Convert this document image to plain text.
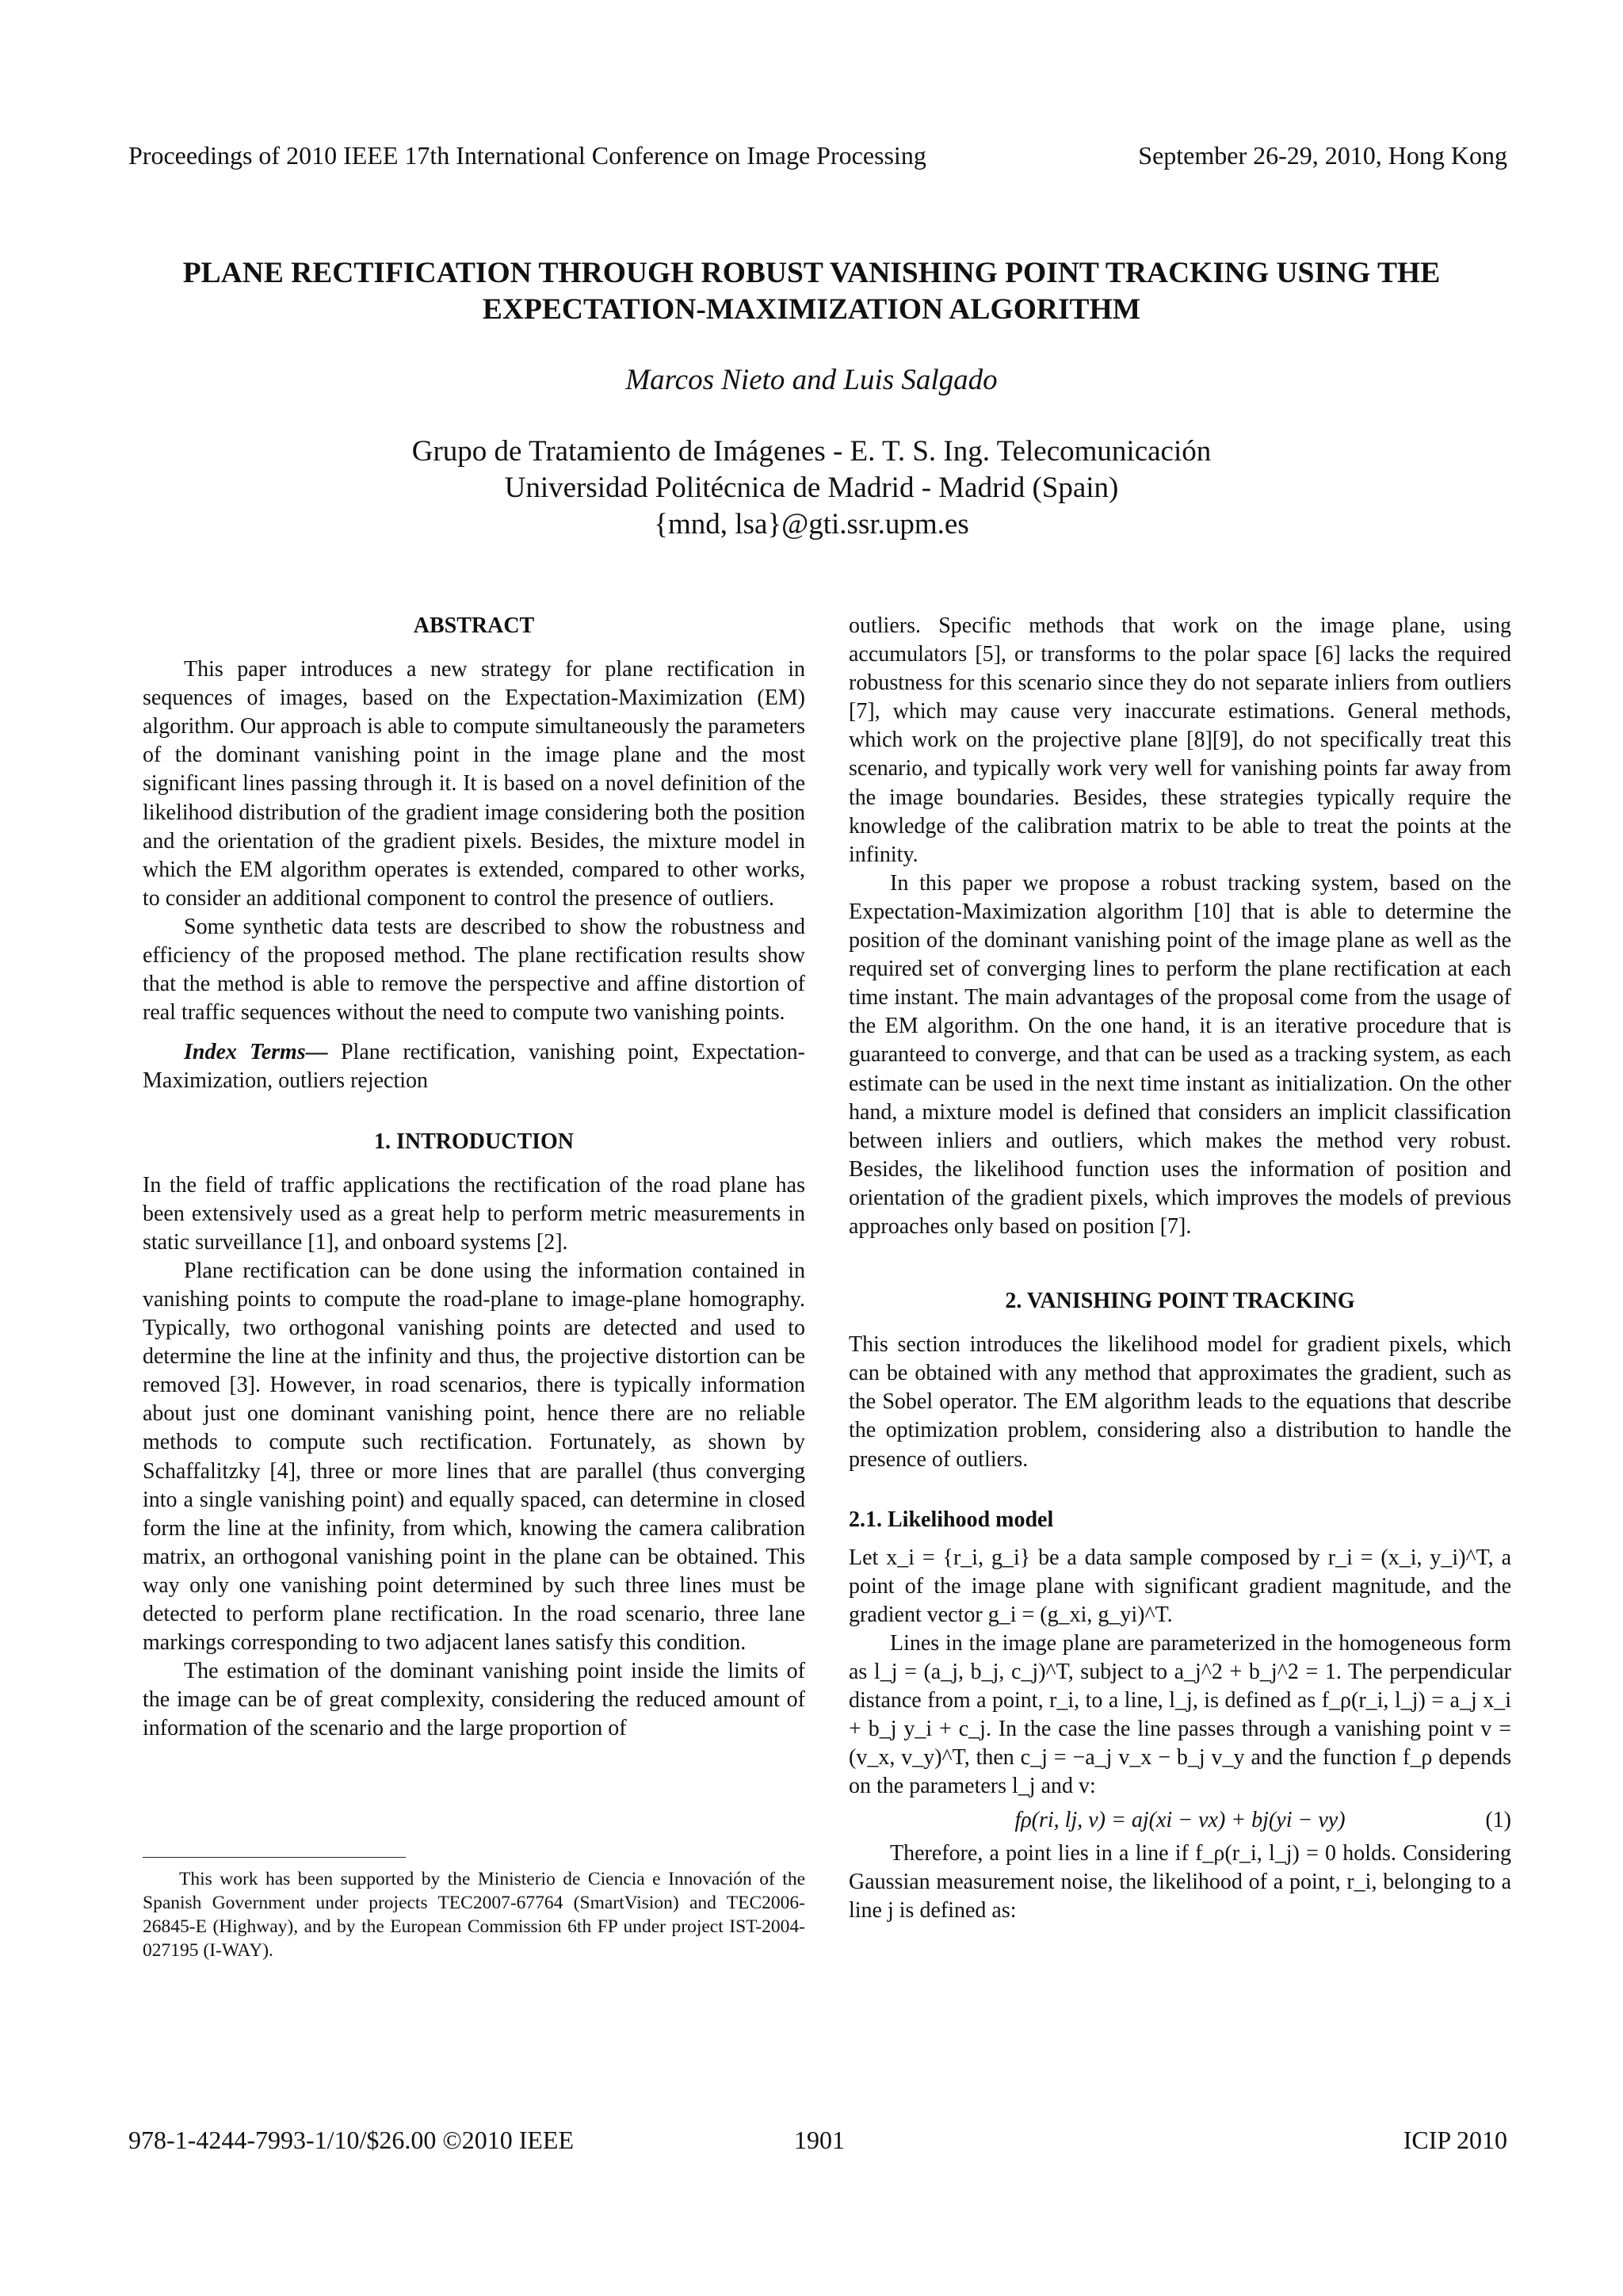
Proceedings of 2010 IEEE 17th International Conference on Image Processing	September 26-29, 2010, Hong Kong
PLANE RECTIFICATION THROUGH ROBUST VANISHING POINT TRACKING USING THE
EXPECTATION-MAXIMIZATION ALGORITHM
Marcos Nieto and Luis Salgado
Grupo de Tratamiento de Imágenes - E. T. S. Ing. Telecomunicación
Universidad Politécnica de Madrid - Madrid (Spain)
{mnd, lsa}@gti.ssr.upm.es
ABSTRACT

This paper introduces a new strategy for plane rectification in sequences of images, based on the Expectation-Maximization (EM) algorithm. Our approach is able to compute simultaneously the parameters of the dominant vanishing point in the image plane and the most significant lines passing through it. It is based on a novel definition of the likelihood distribution of the gradient image considering both the position and the orientation of the gradient pixels. Besides, the mixture model in which the EM algorithm operates is extended, compared to other works, to consider an additional component to control the presence of outliers.

Some synthetic data tests are described to show the robustness and efficiency of the proposed method. The plane rectification results show that the method is able to remove the perspective and affine distortion of real traffic sequences without the need to compute two vanishing points.

Index Terms— Plane rectification, vanishing point, Expectation-Maximization, outliers rejection

1. INTRODUCTION

In the field of traffic applications the rectification of the road plane has been extensively used as a great help to perform metric measurements in static surveillance [1], and onboard systems [2].

Plane rectification can be done using the information contained in vanishing points to compute the road-plane to image-plane homography. Typically, two orthogonal vanishing points are detected and used to determine the line at the infinity and thus, the projective distortion can be removed [3]. However, in road scenarios, there is typically information about just one dominant vanishing point, hence there are no reliable methods to compute such rectification. Fortunately, as shown by Schaffalitzky [4], three or more lines that are parallel (thus converging into a single vanishing point) and equally spaced, can determine in closed form the line at the infinity, from which, knowing the camera calibration matrix, an orthogonal vanishing point in the plane can be obtained. This way only one vanishing point determined by such three lines must be detected to perform plane rectification. In the road scenario, three lane markings corresponding to two adjacent lanes satisfy this condition.

The estimation of the dominant vanishing point inside the limits of the image can be of great complexity, considering the reduced amount of information of the scenario and the large proportion of

This work has been supported by the Ministerio de Ciencia e Innovación of the Spanish Government under projects TEC2007-67764 (SmartVision) and TEC2006-26845-E (Highway), and by the European Commission 6th FP under project IST-2004-027195 (I-WAY).

outliers. Specific methods that work on the image plane, using accumulators [5], or transforms to the polar space [6] lacks the required robustness for this scenario since they do not separate inliers from outliers [7], which may cause very inaccurate estimations. General methods, which work on the projective plane [8][9], do not specifically treat this scenario, and typically work very well for vanishing points far away from the image boundaries. Besides, these strategies typically require the knowledge of the calibration matrix to be able to treat the points at the infinity.

In this paper we propose a robust tracking system, based on the Expectation-Maximization algorithm [10] that is able to determine the position of the dominant vanishing point of the image plane as well as the required set of converging lines to perform the plane rectification at each time instant. The main advantages of the proposal come from the usage of the EM algorithm. On the one hand, it is an iterative procedure that is guaranteed to converge, and that can be used as a tracking system, as each estimate can be used in the next time instant as initialization. On the other hand, a mixture model is defined that considers an implicit classification between inliers and outliers, which makes the method very robust. Besides, the likelihood function uses the information of position and orientation of the gradient pixels, which improves the models of previous approaches only based on position [7].

2. VANISHING POINT TRACKING

This section introduces the likelihood model for gradient pixels, which can be obtained with any method that approximates the gradient, such as the Sobel operator. The EM algorithm leads to the equations that describe the optimization problem, considering also a distribution to handle the presence of outliers.

2.1. Likelihood model

Let x_i = {r_i, g_i} be a data sample composed by r_i = (x_i, y_i)^T, a point of the image plane with significant gradient magnitude, and the gradient vector g_i = (g_xi, g_yi)^T.

Lines in the image plane are parameterized in the homogeneous form as l_j = (a_j, b_j, c_j)^T, subject to a_j^2 + b_j^2 = 1. The perpendicular distance from a point, r_i, to a line, l_j, is defined as f_ρ(r_i, l_j) = a_j x_i + b_j y_i + c_j. In the case the line passes through a vanishing point v = (v_x, v_y)^T, then c_j = −a_j v_x − b_j v_y and the function f_ρ depends on the parameters l_j and v:

fρ(ri, lj, v) = aj(xi − vx) + bj(yi − vy)	(1)

Therefore, a point lies in a line if f_ρ(r_i, l_j) = 0 holds. Considering Gaussian measurement noise, the likelihood of a point, r_i, belonging to a line j is defined as:

978-1-4244-7993-1/10/$26.00 ©2010 IEEE	1901	ICIP 2010
